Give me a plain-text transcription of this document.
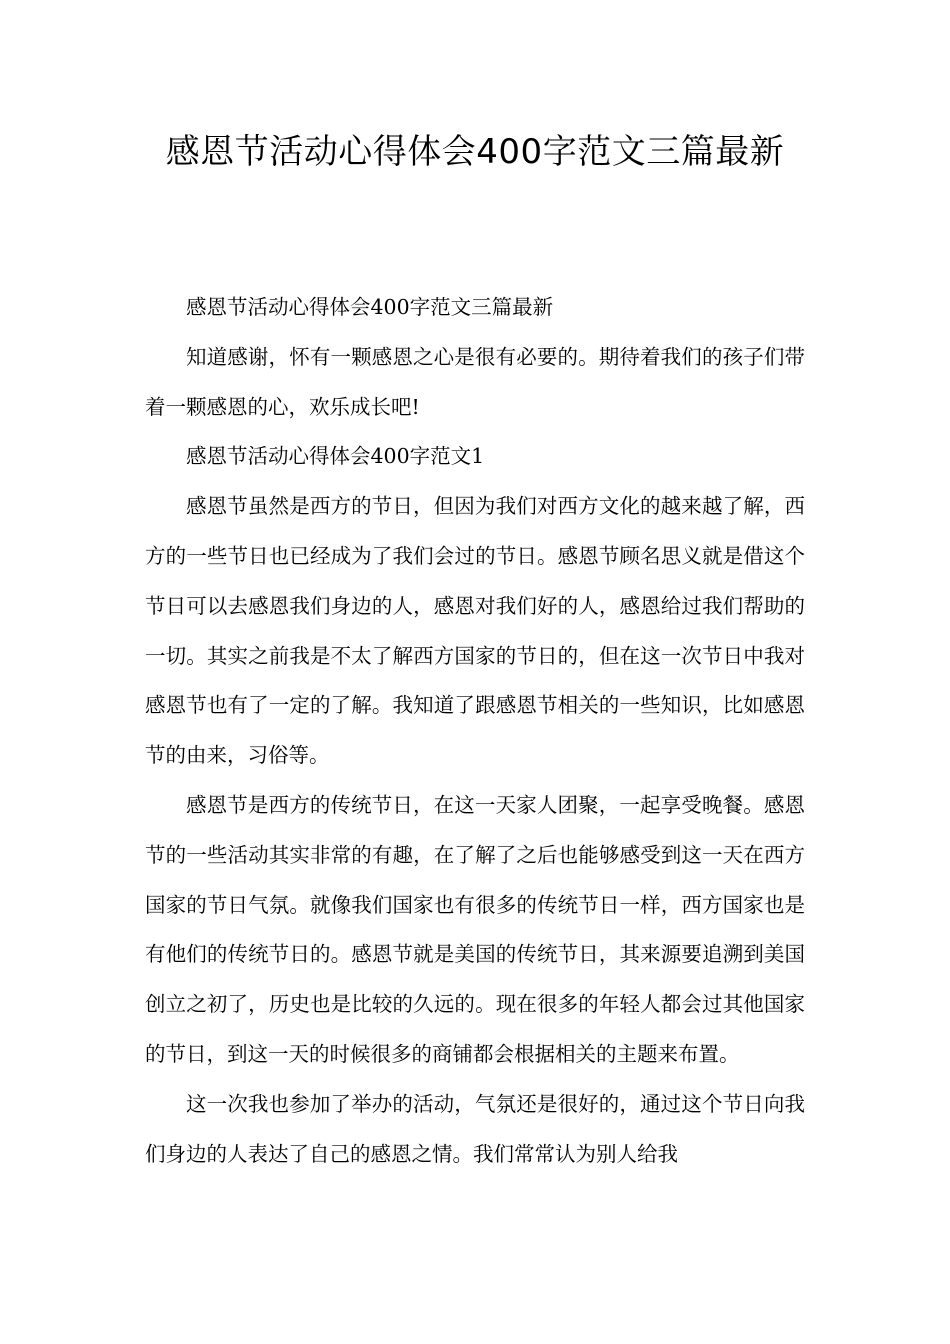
感恩节活动心得体会400字范文三篇最新

感恩节活动心得体会400字范文三篇最新

知道感谢，怀有一颗感恩之心是很有必要的。期待着我们的孩子们带着一颗感恩的心，欢乐成长吧!

感恩节活动心得体会400字范文1

感恩节虽然是西方的节日，但因为我们对西方文化的越来越了解，西方的一些节日也已经成为了我们会过的节日。感恩节顾名思义就是借这个节日可以去感恩我们身边的人，感恩对我们好的人，感恩给过我们帮助的一切。其实之前我是不太了解西方国家的节日的，但在这一次节日中我对感恩节也有了一定的了解。我知道了跟感恩节相关的一些知识，比如感恩节的由来，习俗等。

感恩节是西方的传统节日，在这一天家人团聚，一起享受晚餐。感恩节的一些活动其实非常的有趣，在了解了之后也能够感受到这一天在西方国家的节日气氛。就像我们国家也有很多的传统节日一样，西方国家也是有他们的传统节日的。感恩节就是美国的传统节日，其来源要追溯到美国创立之初了，历史也是比较的久远的。现在很多的年轻人都会过其他国家的节日，到这一天的时候很多的商铺都会根据相关的主题来布置。

这一次我也参加了举办的活动，气氛还是很好的，通过这个节日向我们身边的人表达了自己的感恩之情。我们常常认为别人给我
